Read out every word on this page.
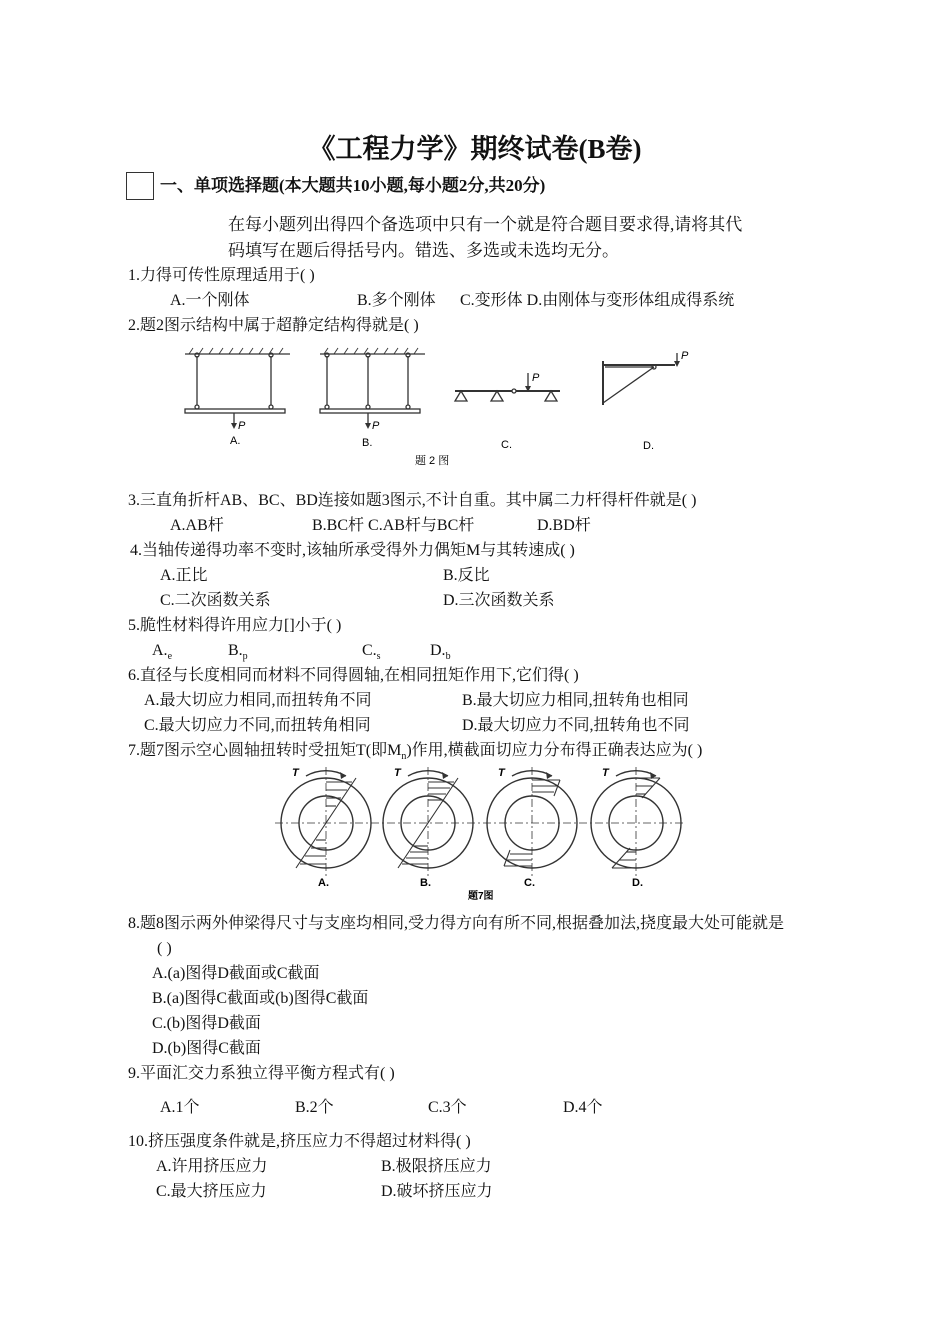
《工程力学》期终试卷(B卷)
一、单项选择题(本大题共10小题,每小题2分,共20分)
在每小题列出得四个备选项中只有一个就是符合题目要求得,请将其代
码填写在题后得括号内。错选、多选或未选均无分。
1.力得可传性原理适用于( )
A.一个刚体	B.多个刚体 C.变形体 D.由刚体与变形体组成得系统
2.题2图示结构中属于超静定结构得就是( )
P	P
P
P
A.	B.	C.	D.
题 2 图
3.三直角折杆AB、BC、BD连接如题3图示,不计自重。其中属二力杆得杆件就是( )
A.AB杆	B.BC杆 C.AB杆与BC杆	D.BD杆
4.当轴传递得功率不变时,该轴所承受得外力偶矩M与其转速成( )
A.正比	B.反比
C.二次函数关系	D.三次函数关系
5.脆性材料得许用应力[]小于( )
$A._e$	$B._p$	$C._s$	$D._b$
6.直径与长度相同而材料不同得圆轴,在相同扭矩作用下,它们得( )
A.最大切应力相同,而扭转角不同	B.最大切应力相同,扭转角也相同
C.最大切应力不同,而扭转角相同	D.最大切应力不同,扭转角也不同
7.题7图示空心圆轴扭转时受扭矩T(即$M_n$)作用,横截面切应力分布得正确表达应为( )
T	T	T	T
A.	B.	C.	D.
题7图
8.题8图示两外伸梁得尺寸与支座均相同,受力得方向有所不同,根据叠加法,挠度最大处可能就是
( )
A.(a)图得D截面或C截面
B.(a)图得C截面或(b)图得C截面
C.(b)图得D截面
D.(b)图得C截面
9.平面汇交力系独立得平衡方程式有( )
A.1个	B.2个	C.3个	D.4个
10.挤压强度条件就是,挤压应力不得超过材料得( )
A.许用挤压应力	B.极限挤压应力
C.最大挤压应力	D.破坏挤压应力
